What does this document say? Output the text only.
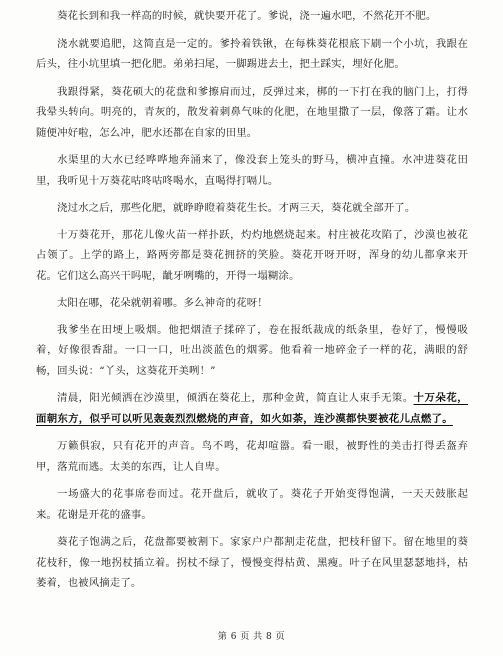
葵花长到和我一样高的时候，就快要开花了。爹说，浇一遍水吧，不然花开不肥。

浇水就要追肥，这简直是一定的。爹拎着铁锹，在每株葵花根底下刷一个小坑，我跟在后头，往小坑里填一把化肥。弟弟扫尾，一脚踢进去土，把土踩实，埋好化肥。

我跟得紧，葵花硕大的花盘和爹擦肩而过，反弹过来，梆的一下打在我的脑门上，打得我晕头转向。明亮的，青灰的，散发着刺鼻气味的化肥，在地里撒了一层，像落了霜。让水随便冲好啦，怎么冲，肥水还都在自家的田里。

水渠里的大水已经哗哗地奔涌来了，像没套上笼头的野马，横冲直撞。水冲进葵花田里，我听见十万葵花咕咚咕咚喝水，直喝得打嗝儿。

浇过水之后，那些化肥，就睁睁瞪着葵花生长。才两三天，葵花就全部开了。

十万葵花开，那花儿像火苗一样扑跃，灼灼地燃烧起来。村庄被花攻陷了，沙漠也被花占领了。上学的路上，路两旁都是葵花拥挤的笑脸。葵花开呀开呀，浑身的幼儿都拿来开花。它们这么高兴干吗呢，龇牙咧嘴的，开得一塌糊涂。

太阳在哪，花朵就朝着哪。多么神奇的花呀！

我爹坐在田埂上吸烟。他把烟渣子揉碎了，卷在报纸裁成的纸条里，卷好了，慢慢吸着，好像很香甜。一口一口，吐出淡蓝色的烟雾。他看着一地碎金子一样的花，满眼的舒畅，回头说：“丫头，这葵花开美咧！”

清晨，阳光倾洒在沙漠里，倾洒在葵花上，那种金黄，简直让人束手无策。十万朵花，面朝东方，似乎可以听见轰轰烈烈燃烧的声音，如火如荼，连沙漠都快要被花儿点燃了。

万籁俱寂，只有花开的声音。鸟不鸣，花却喧嚣。看一眼，被野性的美击打得丢盔弃甲，落荒而逃。太美的东西，让人自卑。

一场盛大的花事席卷而过。花开盘后，就收了。葵花子开始变得饱满，一天天鼓胀起来。花谢是开花的盛事。

葵花子饱满之后，花盘都要被割下。家家户户都割走花盘，把枝秆留下。留在地里的葵花枝秆，像一地拐杖插立着。拐杖不绿了，慢慢变得枯黄、黑瘦。叶子在风里瑟瑟地抖，枯萎着，也被风摘走了。

第 6 页 共 8 页
